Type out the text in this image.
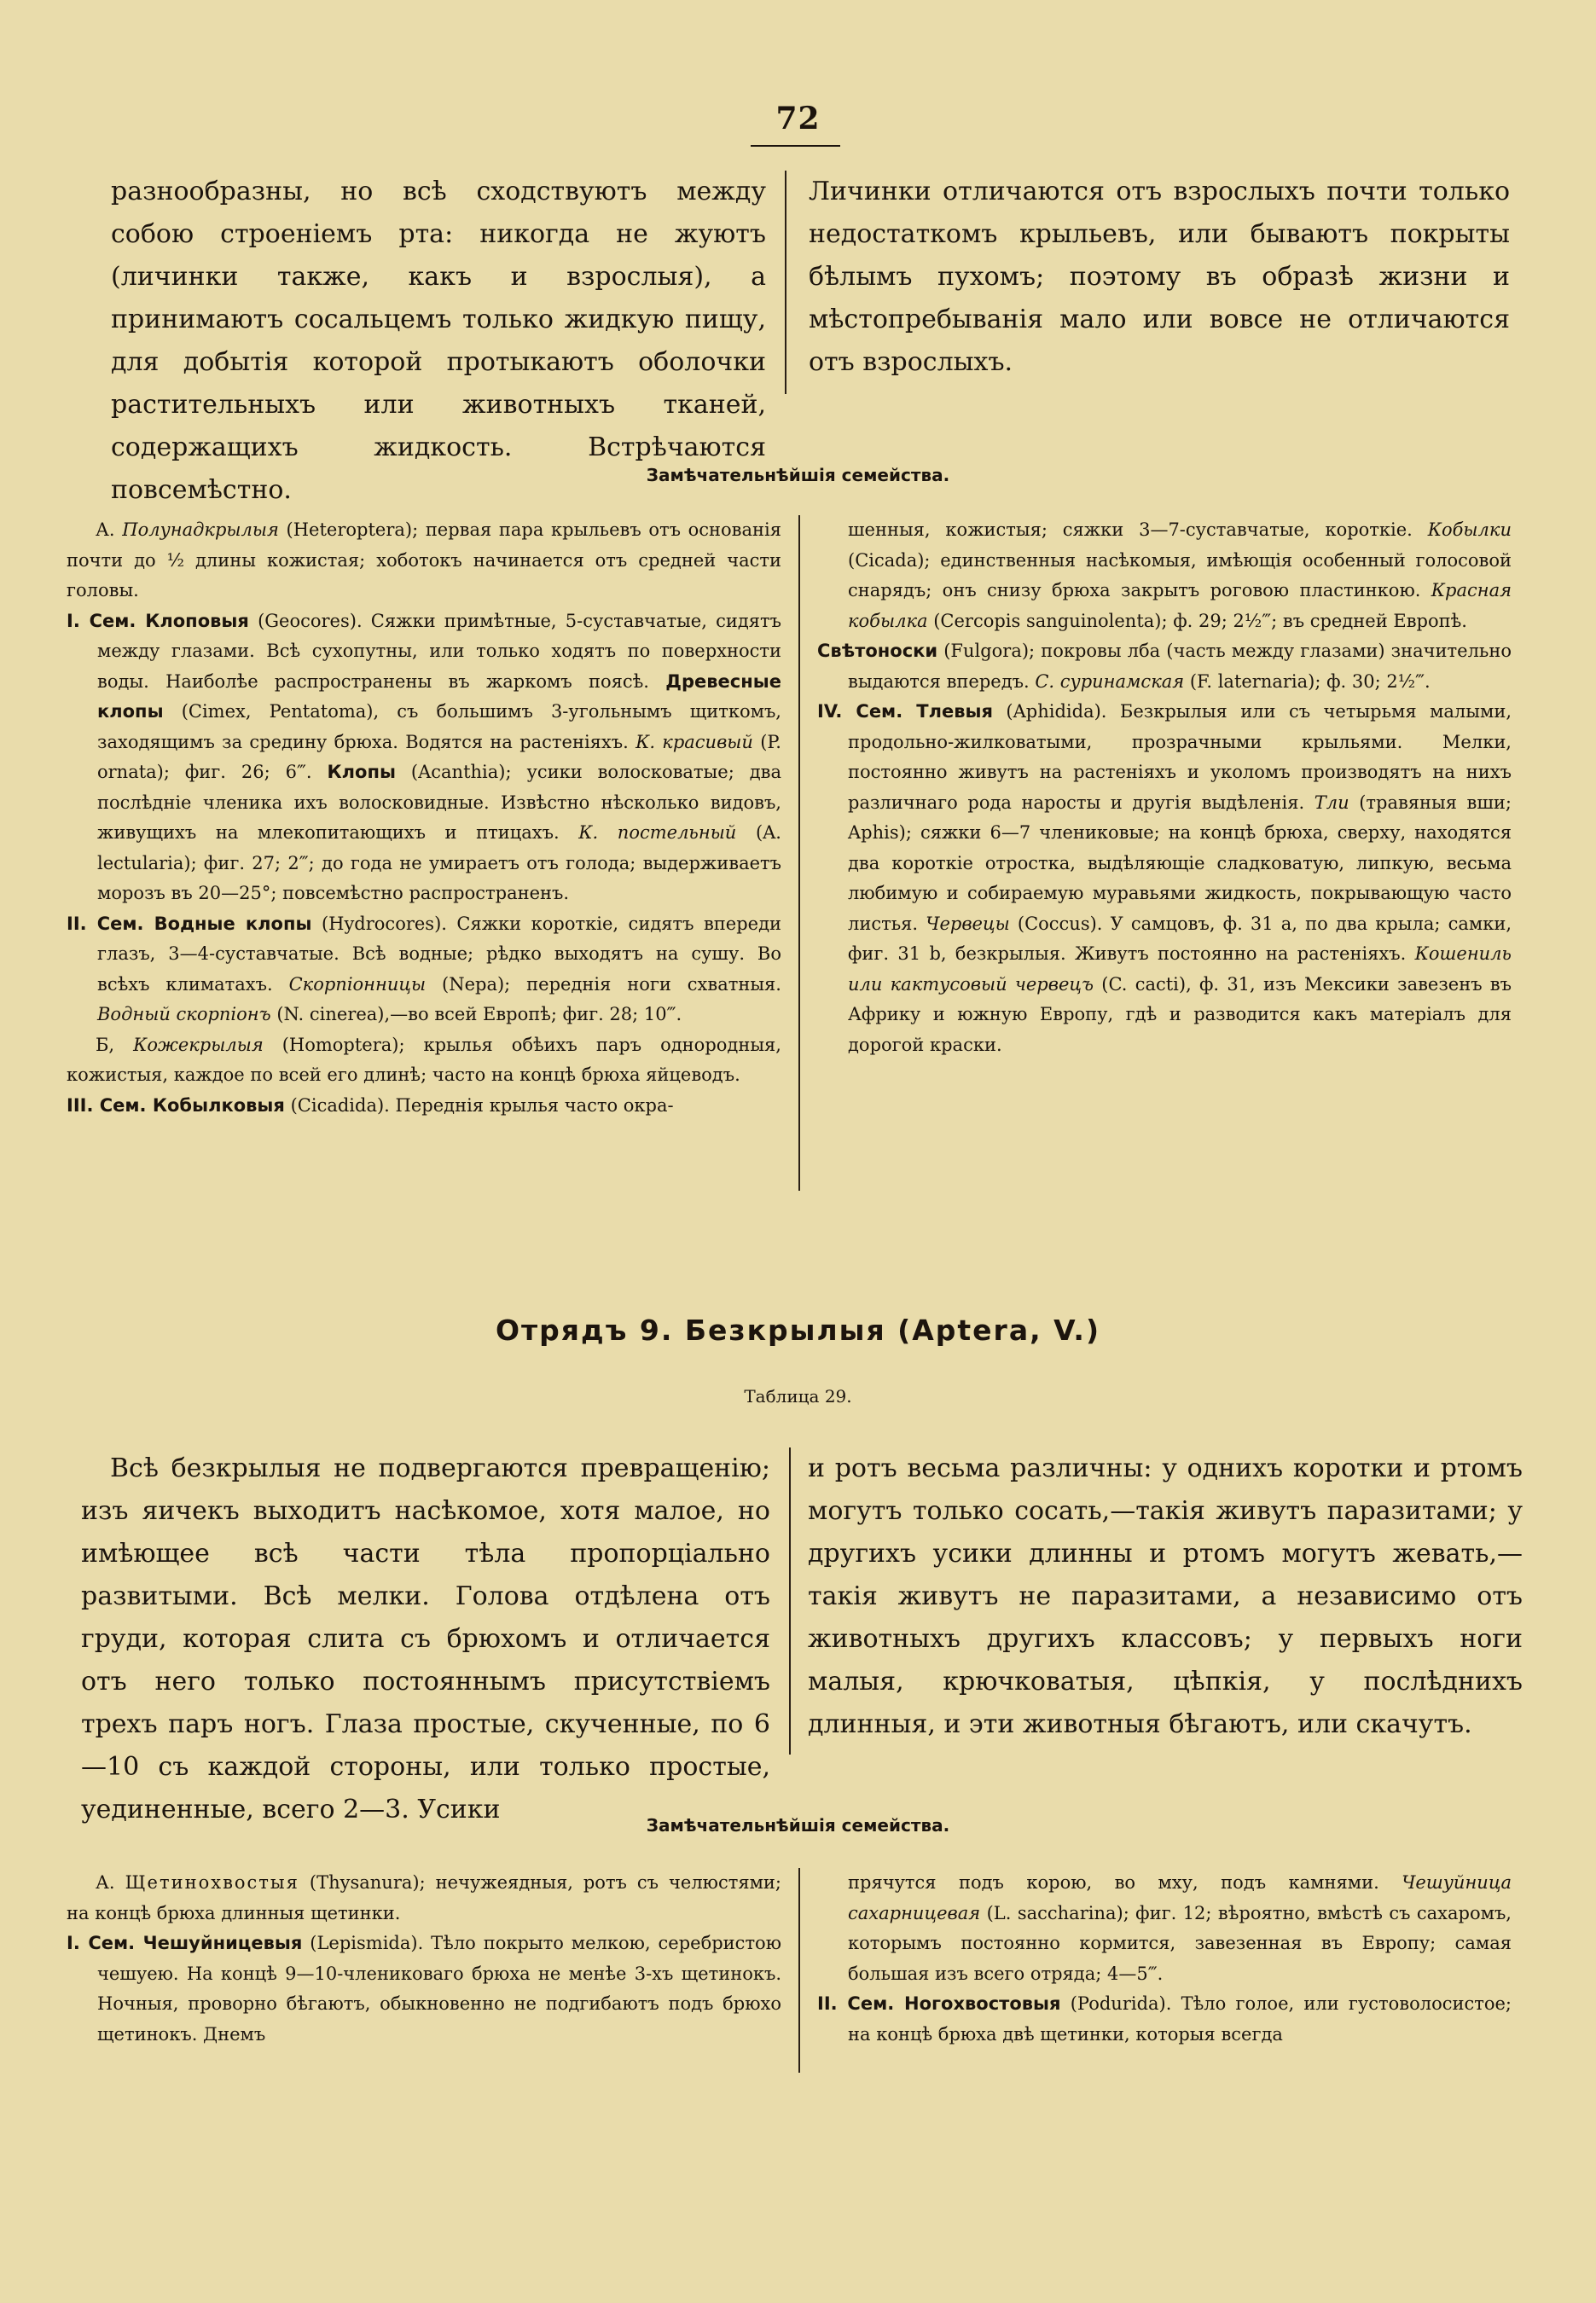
72

разнообразны, но всѣ сходствуютъ между собою строеніемъ рта: никогда не жуютъ (личинки также, какъ и взрослыя), а принимаютъ сосальцемъ только жидкую пищу, для добытія которой протыкаютъ оболочки растительныхъ или животныхъ тканей, содержащихъ жидкость. Встрѣчаются повсемѣстно.

Личинки отличаются отъ взрослыхъ почти только недостаткомъ крыльевъ, или бываютъ покрыты бѣлымъ пухомъ; поэтому въ образѣ жизни и мѣстопребыванія мало или вовсе не отличаются отъ взрослыхъ.

Замѣчательнѣйшія семейства.

А. Полунадкрылыя (Heteroptera); первая пара крыльевъ отъ основанія почти до ½ длины кожистая; хоботокъ начинается отъ средней части головы.

I. Сем. Клоповыя (Geocores). Сяжки примѣтные, 5-суставчатые, сидятъ между глазами. Всѣ сухопутны, или только ходятъ по поверхности воды. Наиболѣе распространены въ жаркомъ поясѣ. Древесные клопы (Cimex, Pentatoma), съ большимъ 3-угольнымъ щиткомъ, заходящимъ за средину брюха. Водятся на растеніяхъ. К. красивый (P. ornata); фиг. 26; 6‴. Клопы (Acanthia); усики волосковатые; два послѣдніе членика ихъ волосковидные. Извѣстно нѣсколько видовъ, живущихъ на млекопитающихъ и птицахъ. К. постельный (A. lectularia); фиг. 27; 2‴; до года не умираетъ отъ голода; выдерживаетъ морозъ въ 20—25°; повсемѣстно распространенъ.

II. Сем. Водные клопы (Hydrocores). Сяжки короткіе, сидятъ впереди глазъ, 3—4-суставчатые. Всѣ водные; рѣдко выходятъ на сушу. Во всѣхъ климатахъ. Скорпіонницы (Nepa); переднія ноги схватныя. Водный скорпіонъ (N. cinerea),—во всей Европѣ; фиг. 28; 10‴.

Б, Кожекрылыя (Homoptera); крылья обѣихъ паръ однородныя, кожистыя, каждое по всей его длинѣ; часто на концѣ брюха яйцеводъ.

III. Сем. Кобылковыя (Cicadida). Переднія крылья часто окра-

шенныя, кожистыя; сяжки 3—7-суставчатые, короткіе. Кобылки (Cicada); единственныя насѣкомыя, имѣющія особенный голосовой снарядъ; онъ снизу брюха закрытъ роговою пластинкою. Красная кобылка (Cercopis sanguinolenta); ф. 29; 2½‴; въ средней Европѣ.

Свѣтоноски (Fulgora); покровы лба (часть между глазами) значительно выдаются впередъ. С. суринамская (F. laternaria); ф. 30; 2½‴.

IV. Сем. Тлевыя (Aphidida). Безкрылыя или съ четырьмя малыми, продольно-жилковатыми, прозрачными крыльями. Мелки, постоянно живутъ на растеніяхъ и уколомъ производятъ на нихъ различнаго рода наросты и другія выдѣленія. Тли (травяныя вши; Aphis); сяжки 6—7 члениковые; на концѣ брюха, сверху, находятся два короткіе отростка, выдѣляющіе сладковатую, липкую, весьма любимую и собираемую муравьями жидкость, покрывающую часто листья. Червецы (Coccus). У самцовъ, ф. 31 a, по два крыла; самки, фиг. 31 b, безкрылыя. Живутъ постоянно на растеніяхъ. Кошениль или кактусовый червецъ (C. cacti), ф. 31, изъ Мексики завезенъ въ Африку и южную Европу, гдѣ и разводится какъ матеріалъ для дорогой краски.

Отрядъ 9. Безкрылыя (Aptera, V.)
Таблица 29.

Всѣ безкрылыя не подвергаются превращенію; изъ яичекъ выходитъ насѣкомое, хотя малое, но имѣющее всѣ части тѣла пропорціально развитыми. Всѣ мелки. Голова отдѣлена отъ груди, которая слита съ брюхомъ и отличается отъ него только постояннымъ присутствіемъ трехъ паръ ногъ. Глаза простые, скученные, по 6—10 съ каждой стороны, или только простые, уединенные, всего 2—3. Усики

и ротъ весьма различны: у однихъ коротки и ртомъ могутъ только сосать,—такія живутъ паразитами; у другихъ усики длинны и ртомъ могутъ жевать,— такія живутъ не паразитами, а независимо отъ животныхъ другихъ классовъ; у первыхъ ноги малыя, крючковатыя, цѣпкія, у послѣднихъ длинныя, и эти животныя бѣгаютъ, или скачутъ.

Замѣчательнѣйшія семейства.

А. Щетинохвостыя (Thysanura); нечужеядныя, ротъ съ челюстями; на концѣ брюха длинныя щетинки.

I. Сем. Чешуйницевыя (Lepismida). Тѣло покрыто мелкою, серебристою чешуею. На концѣ 9—10-члениковаго брюха не менѣе 3-хъ щетинокъ. Ночныя, проворно бѣгаютъ, обыкновенно не подгибаютъ подъ брюхо щетинокъ. Днемъ

прячутся подъ корою, во мху, подъ камнями. Чешуйница сахарницевая (L. saccharina); фиг. 12; вѣроятно, вмѣстѣ съ сахаромъ, которымъ постоянно кормится, завезенная въ Европу; самая большая изъ всего отряда; 4—5‴.

II. Сем. Ногохвостовыя (Podurida). Тѣло голое, или густоволосистое; на концѣ брюха двѣ щетинки, которыя всегда
